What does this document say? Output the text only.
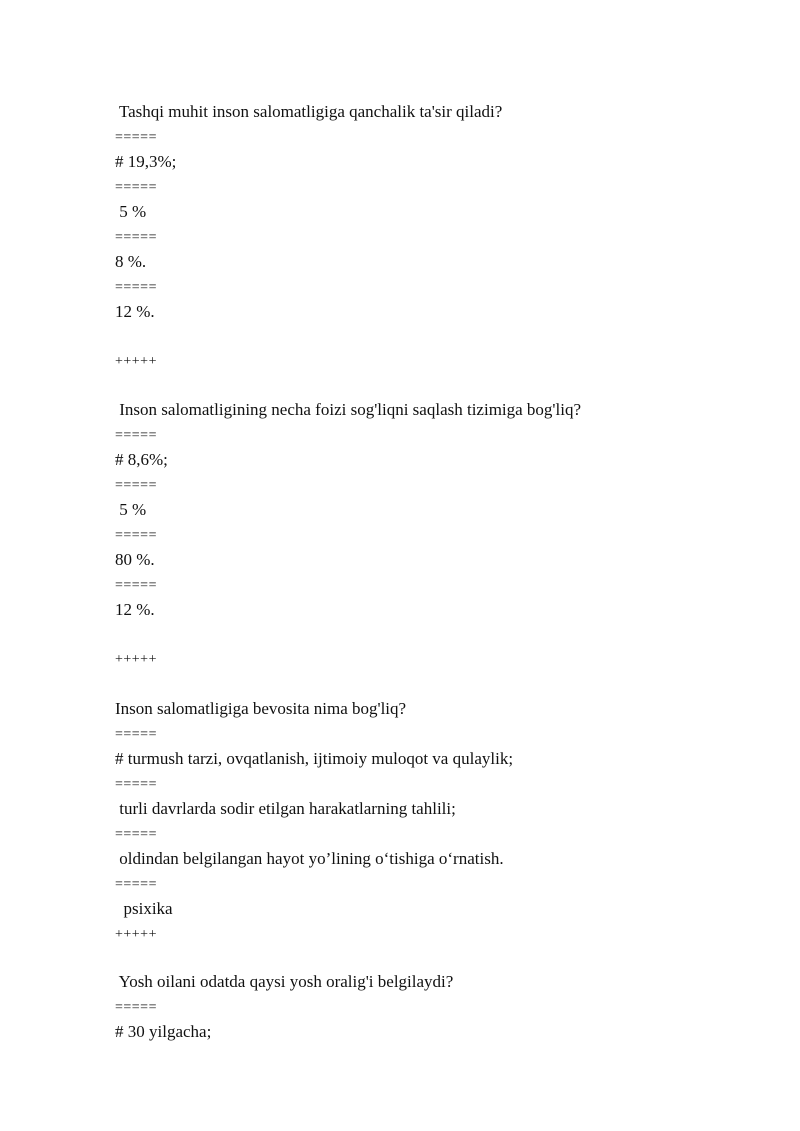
Tashqi muhit inson salomatligiga qanchalik ta'sir qiladi?
=====
# 19,3%;
=====
5 %
=====
8 %.
=====
12 %.
+++++
Inson salomatligining necha foizi sog'liqni saqlash tizimiga bog'liq?
=====
# 8,6%;
=====
5 %
=====
80 %.
=====
12 %.
+++++
Inson salomatligiga bevosita nima bog'liq?
=====
# turmush tarzi, ovqatlanish, ijtimoiy muloqot va qulaylik;
=====
turli davrlarda sodir etilgan harakatlarning tahlili;
=====
oldindan belgilangan hayot yo’lining o‘tishiga o‘rnatish.
=====
psixika
+++++
Yosh oilani odatda qaysi yosh oralig'i belgilaydi?
=====
# 30 yilgacha;
